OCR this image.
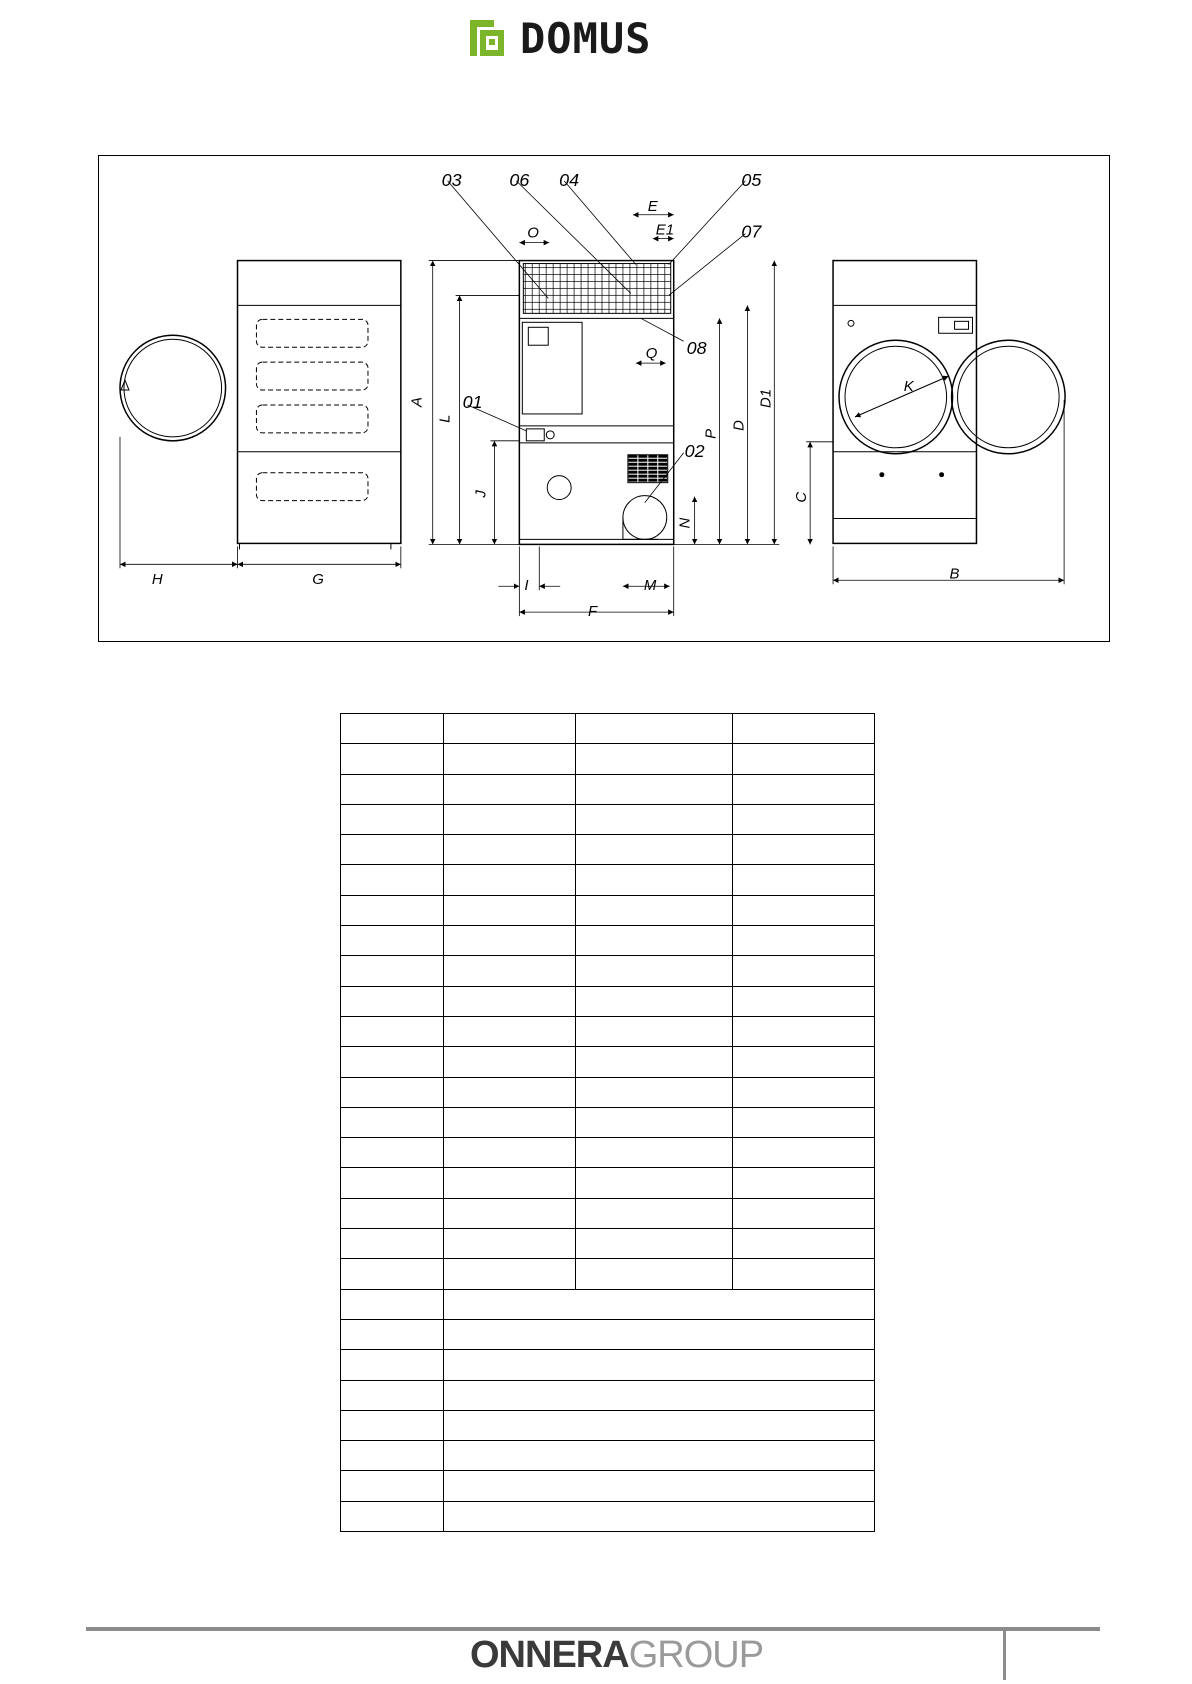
DOMUS
03	06 04	05
07
08
01
02
H	G
A
L
J
O
E
E1
I	M
F
Q
N
P
D
D1
C
B
K

ONNERAGROUP
